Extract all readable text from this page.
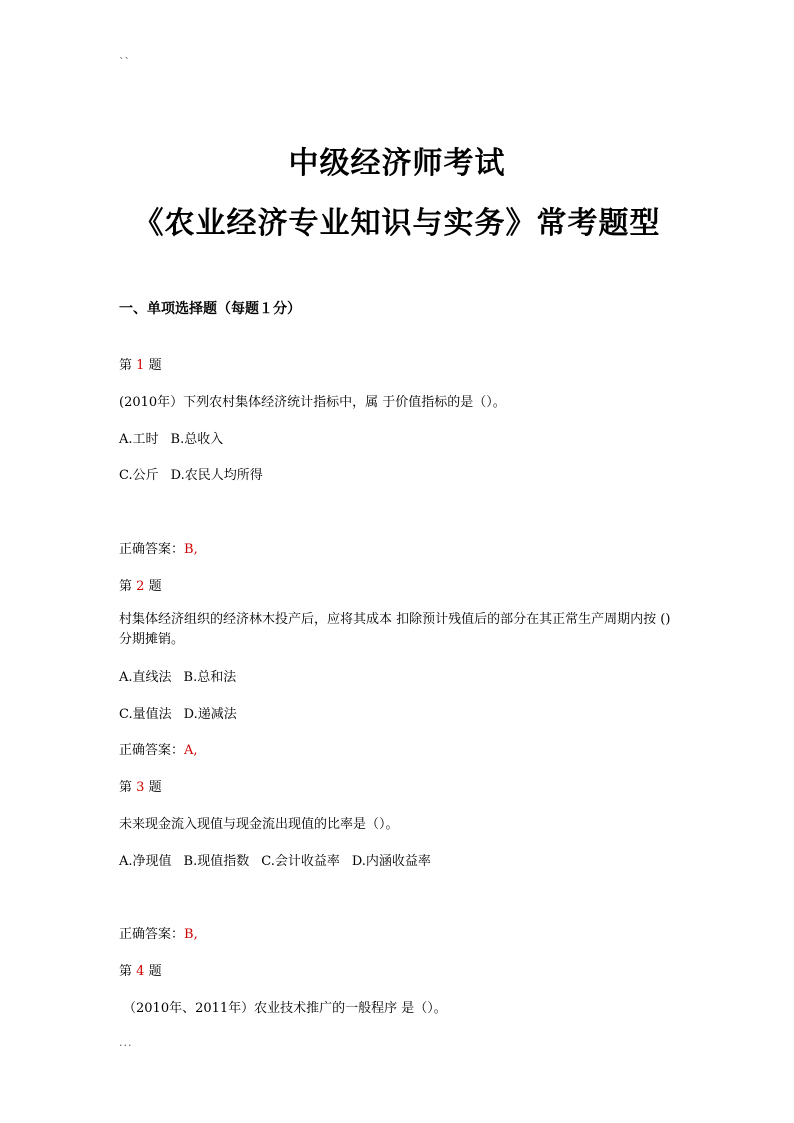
``
中级经济师考试
《农业经济专业知识与实务》常考题型
一、单项选择题（每题１分）
第 1 题
(2010年）下列农村集体经济统计指标中，属 于价值指标的是（）。
A.工时 B.总收入
C.公斤 D.农民人均所得
正确答案：B,
第 2 题
村集体经济组织的经济林木投产后，应将其成本 扣除预计残值后的部分在其正常生产周期内按 ()分期摊销。
A.直线法 B.总和法
C.量值法 D.递减法
正确答案：A,
第 3 题
未来现金流入现值与现金流出现值的比率是（）。
A.净现值 B.现值指数 C.会计收益率 D.内涵收益率
正确答案：B,
第 4 题
（2010年、2011年）农业技术推广的一般程序 是（）。
...
